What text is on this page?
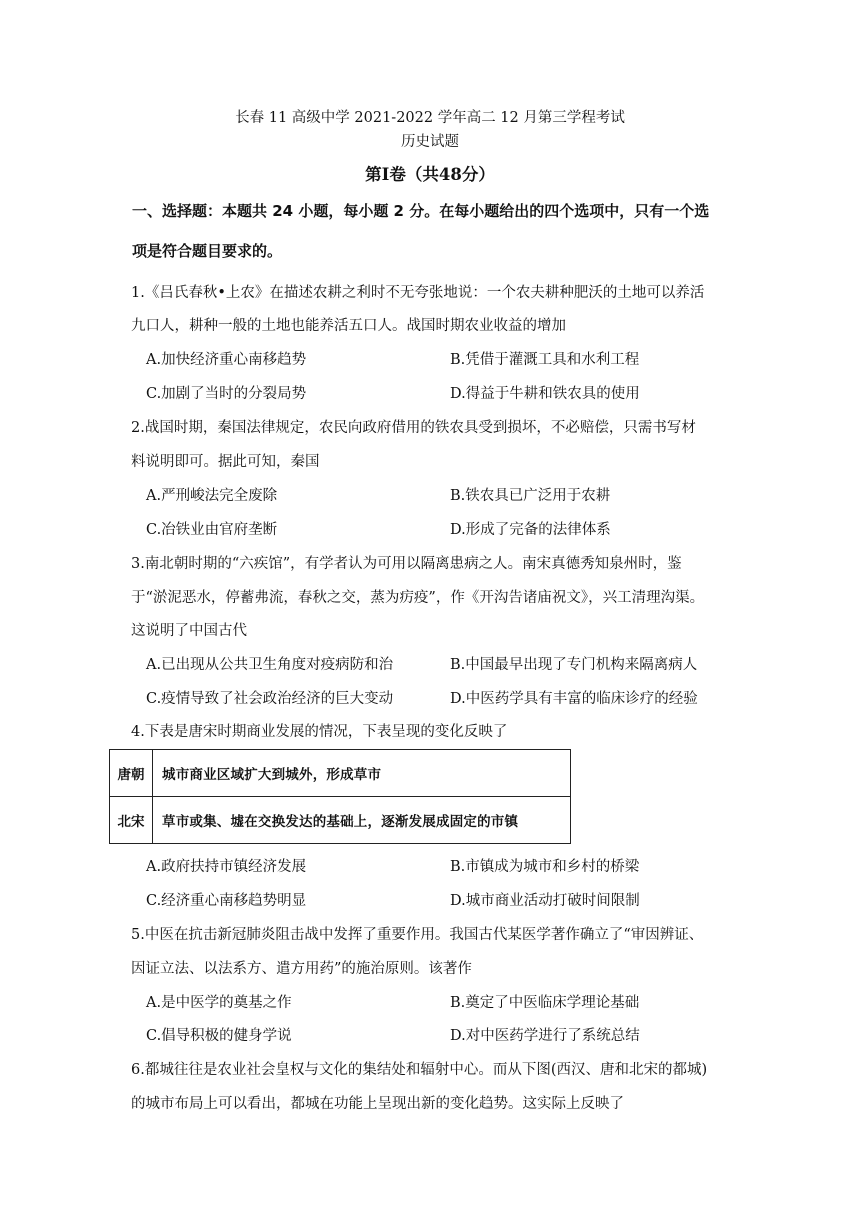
长春 11 高级中学 2021-2022 学年高二 12 月第三学程考试
历史试题
第Ⅰ卷（共48分）
一、选择题：本题共 24 小题，每小题 2 分。在每小题给出的四个选项中，只有一个选
项是符合题目要求的。
1.《吕氏春秋•上农》在描述农耕之利时不无夸张地说：一个农夫耕种肥沃的土地可以养活
九口人，耕种一般的土地也能养活五口人。战国时期农业收益的增加
A.加快经济重心南移趋势	B.凭借于灌溉工具和水利工程
C.加剧了当时的分裂局势	D.得益于牛耕和铁农具的使用
2.战国时期，秦国法律规定，农民向政府借用的铁农具受到损坏，不必赔偿，只需书写材
料说明即可。据此可知，秦国
A.严刑峻法完全废除	B.铁农具已广泛用于农耕
C.冶铁业由官府垄断	D.形成了完备的法律体系
3.南北朝时期的“六疾馆”，有学者认为可用以隔离患病之人。南宋真德秀知泉州时，鉴
于“淤泥恶水，停蓄弗流，春秋之交，蒸为疠疫”，作《开沟告诸庙祝文》，兴工清理沟渠。
这说明了中国古代
A.已出现从公共卫生角度对疫病防和治	B.中国最早出现了专门机构来隔离病人
C.疫情导致了社会政治经济的巨大变动	D.中医药学具有丰富的临床诊疗的经验
4.下表是唐宋时期商业发展的情况，下表呈现的变化反映了
唐朝	城市商业区域扩大到城外，形成草市
北宋	草市或集、墟在交换发达的基础上，逐渐发展成固定的市镇
A.政府扶持市镇经济发展	B.市镇成为城市和乡村的桥梁
C.经济重心南移趋势明显	D.城市商业活动打破时间限制
5.中医在抗击新冠肺炎阻击战中发挥了重要作用。我国古代某医学著作确立了“审因辨证、
因证立法、以法系方、遣方用药”的施治原则。该著作
A.是中医学的奠基之作	B.奠定了中医临床学理论基础
C.倡导积极的健身学说	D.对中医药学进行了系统总结
6.都城往往是农业社会皇权与文化的集结处和辐射中心。而从下图(西汉、唐和北宋的都城)
的城市布局上可以看出，都城在功能上呈现出新的变化趋势。这实际上反映了
